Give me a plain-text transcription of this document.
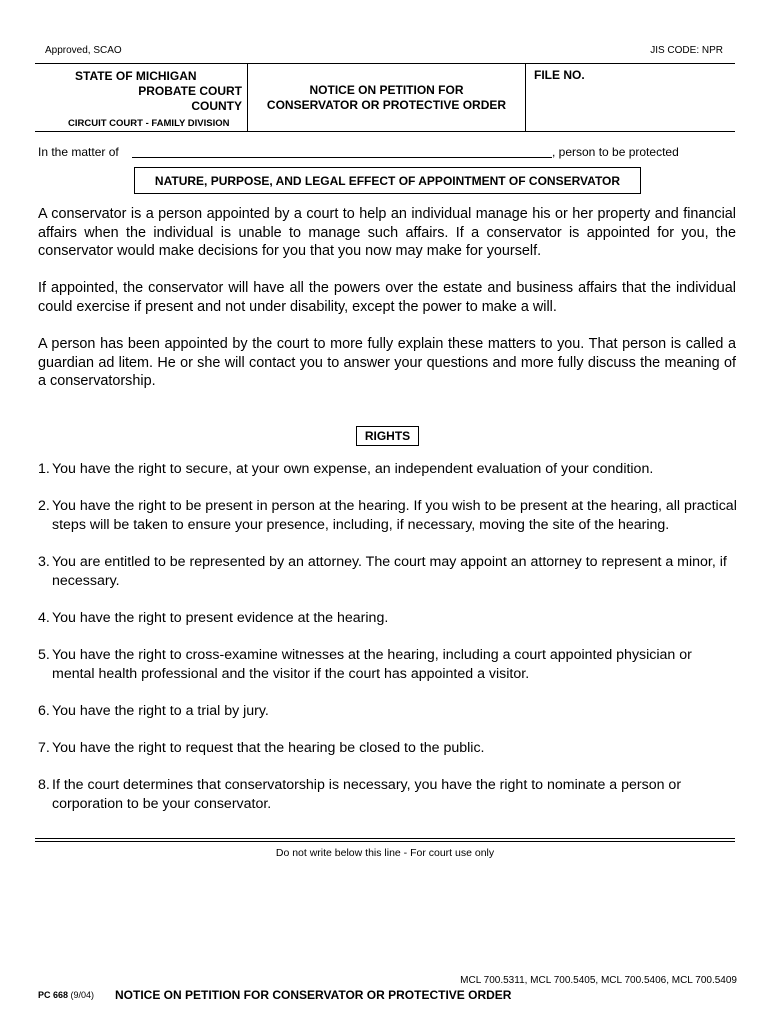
Approved, SCAO	JIS CODE: NPR
STATE OF MICHIGAN
PROBATE COURT
COUNTY
CIRCUIT COURT - FAMILY DIVISION
NOTICE ON PETITION FOR
CONSERVATOR OR PROTECTIVE ORDER
FILE NO.
In the matter of	, person to be protected
NATURE, PURPOSE, AND LEGAL EFFECT OF APPOINTMENT OF CONSERVATOR
A conservator is a person appointed by a court to help an individual manage his or her property and financial affairs when the individual is unable to manage such affairs. If a conservator is appointed for you, the conservator would make decisions for you that you now may make for yourself.
If appointed, the conservator will have all the powers over the estate and business affairs that the individual could exercise if present and not under disability, except the power to make a will.
A person has been appointed by the court to more fully explain these matters to you. That person is called a guardian ad litem. He or she will contact you to answer your questions and more fully discuss the meaning of a conservatorship.
RIGHTS
1. You have the right to secure, at your own expense, an independent evaluation of your condition.
2. You have the right to be present in person at the hearing. If you wish to be present at the hearing, all practical steps will be taken to ensure your presence, including, if necessary, moving the site of the hearing.
3. You are entitled to be represented by an attorney. The court may appoint an attorney to represent a minor, if necessary.
4. You have the right to present evidence at the hearing.
5. You have the right to cross-examine witnesses at the hearing, including a court appointed physician or mental health professional and the visitor if the court has appointed a visitor.
6. You have the right to a trial by jury.
7. You have the right to request that the hearing be closed to the public.
8. If the court determines that conservatorship is necessary, you have the right to nominate a person or corporation to be your conservator.
Do not write below this line - For court use only
MCL 700.5311, MCL 700.5405, MCL 700.5406, MCL 700.5409
PC 668 (9/04) NOTICE ON PETITION FOR CONSERVATOR OR PROTECTIVE ORDER
